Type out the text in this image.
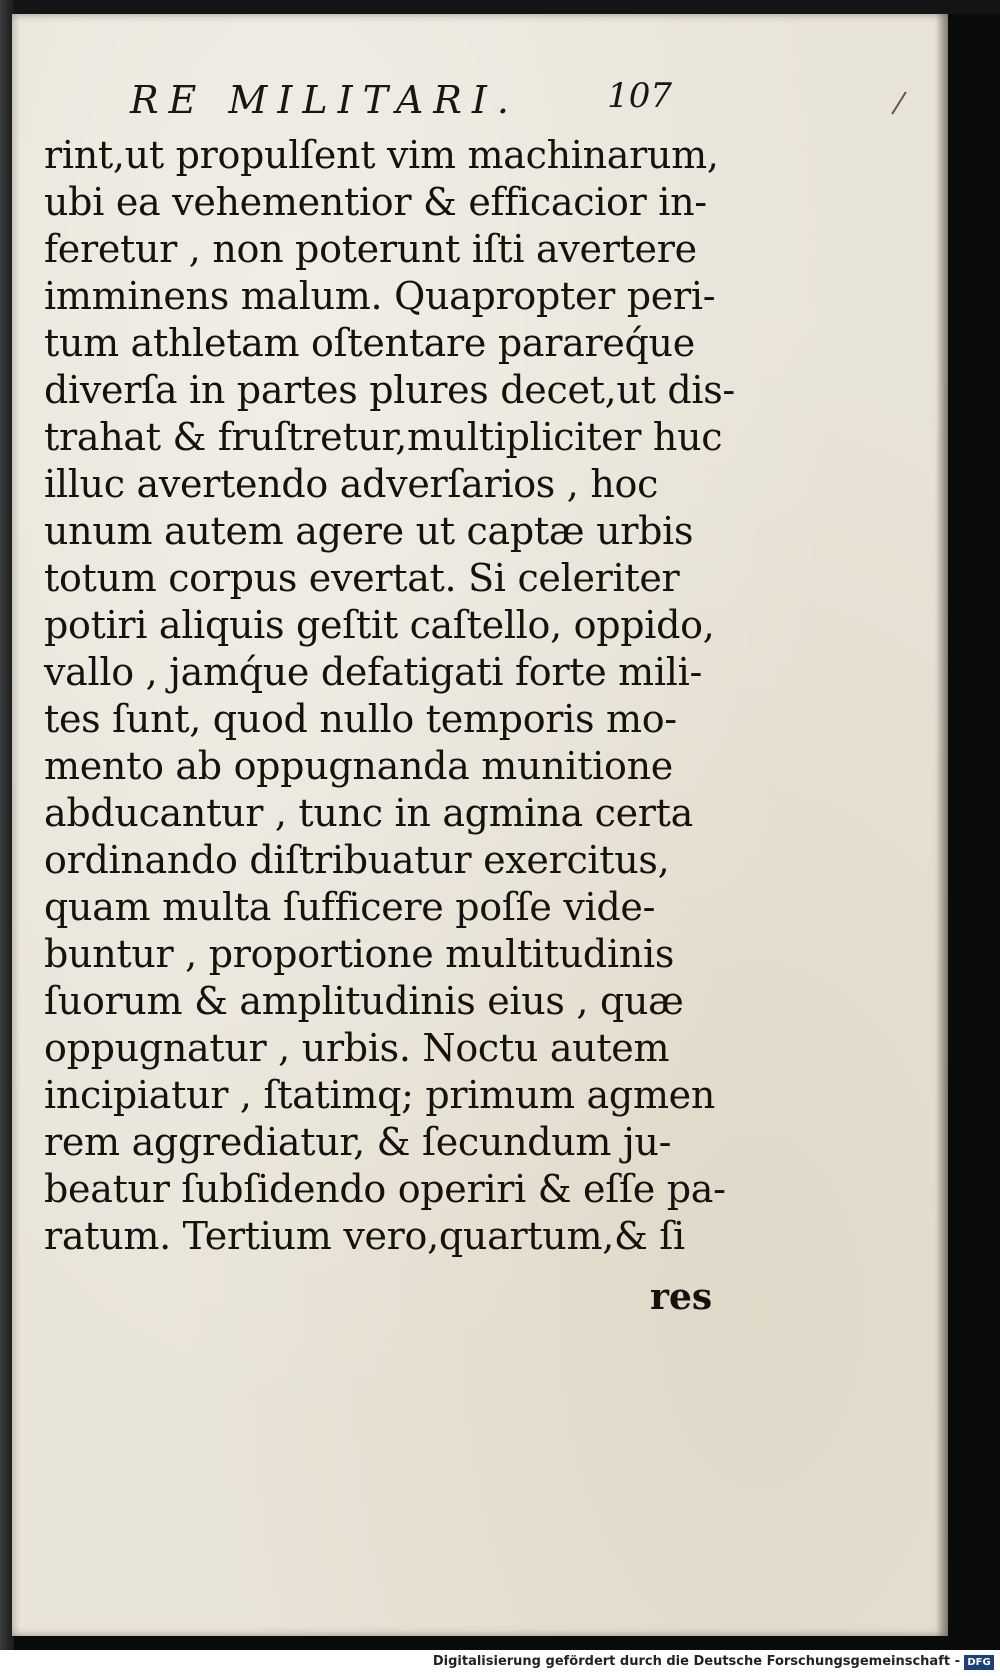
RE MILITARI.	107
rint,ut propulſent vim machinarum,
ubi ea vehementior & efficacior in-
feretur , non poterunt iſti avertere
imminens malum. Quapropter peri-
tum athletam oſtentare parareq́ue
diverſa in partes plures decet,ut dis-
trahat & fruſtretur,multipliciter huc
illuc avertendo adverſarios , hoc
unum autem agere ut captæ urbis
totum corpus evertat. Si celeriter
potiri aliquis geſtit caſtello, oppido,
vallo , jamq́ue defatigati forte mili-
tes ſunt, quod nullo temporis mo-
mento ab oppugnanda munitione
abducantur , tunc in agmina certa
ordinando diſtribuatur exercitus,
quam multa ſufficere poſſe vide-
buntur , proportione multitudinis
ſuorum & amplitudinis eius , quæ
oppugnatur , urbis. Noctu autem
incipiatur , ſtatimq; primum agmen
rem aggrediatur, & ſecundum ju-
beatur ſubſidendo operiri & eſſe pa-
ratum. Tertium vero,quartum,& ſi
res
Digitalisierung gefördert durch die Deutsche Forschungsgemeinschaft - DFG
